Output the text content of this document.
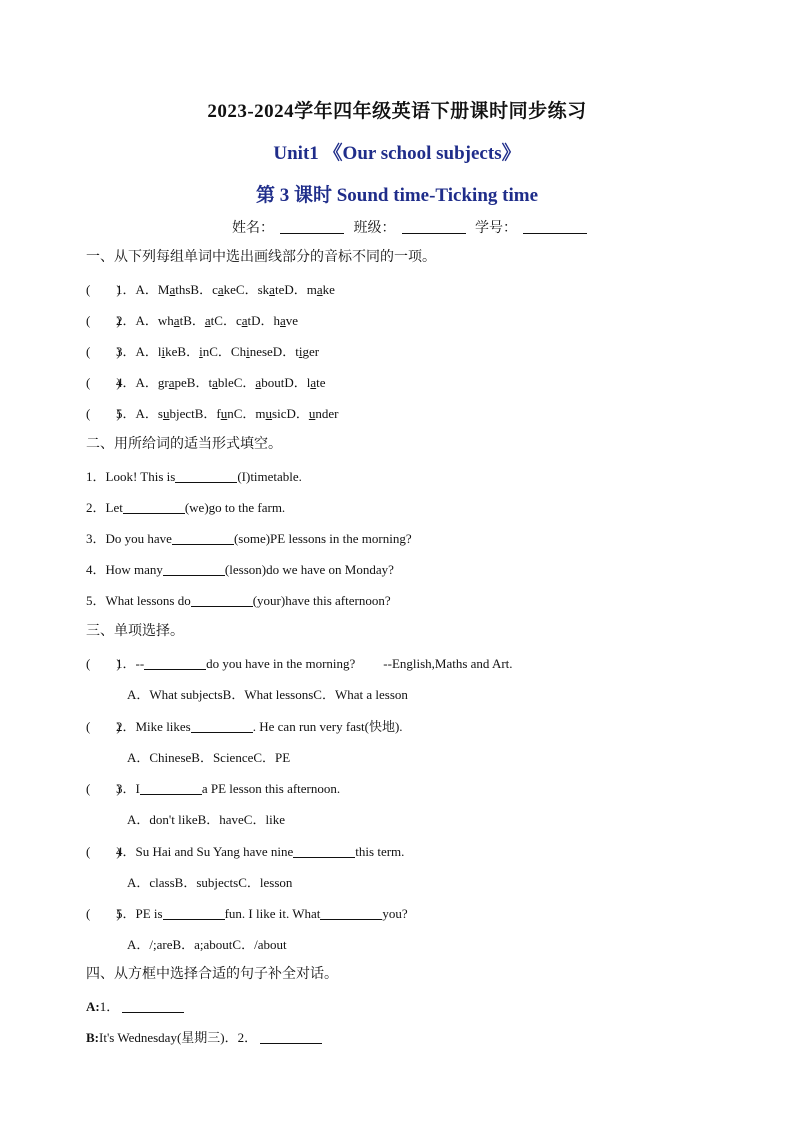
2023-2024学年四年级英语下册课时同步练习
Unit1 《Our school subjects》
第 3 课时 Sound time-Ticking time
姓名：	班级：	学号：
一、从下列每组单词中选出画线部分的音标不同的一项。
(　　)1．A．MathsB．cakeC．skateD．make
(　　)2．A．whatB．atC．catD．have
(　　)3．A．likeB．inC．ChineseD．tiger
(　　)4．A．grapeB．tableC．aboutD．late
(　　)5．A．subjectB．funC．musicD．under
二、用所给词的适当形式填空。
1．Look! This is	(I)timetable.
2．Let	(we)go to the farm.
3．Do you have	(some)PE lessons in the morning?
4．How many	(lesson)do we have on Monday?
5．What lessons do	(your)have this afternoon?
三、单项选择。
(　　)1．--	do you have in the morning? --English,Maths and Art.
A．What subjectsB．What lessonsC．What a lesson
(　　)2．Mike likes	. He can run very fast(快地).
A．ChineseB．ScienceC．PE
(　　)3．I	a PE lesson this afternoon.
A．don't likeB．haveC．like
(　　)4．Su Hai and Su Yang have nine	this term.
A．classB．subjectsC．lesson
(　　)5．PE is	fun. I like it. What	you?
A．/;areB．a;aboutC．/about
四、从方框中选择合适的句子补全对话。
A:1．
B:It's Wednesday(星期三)．2．
